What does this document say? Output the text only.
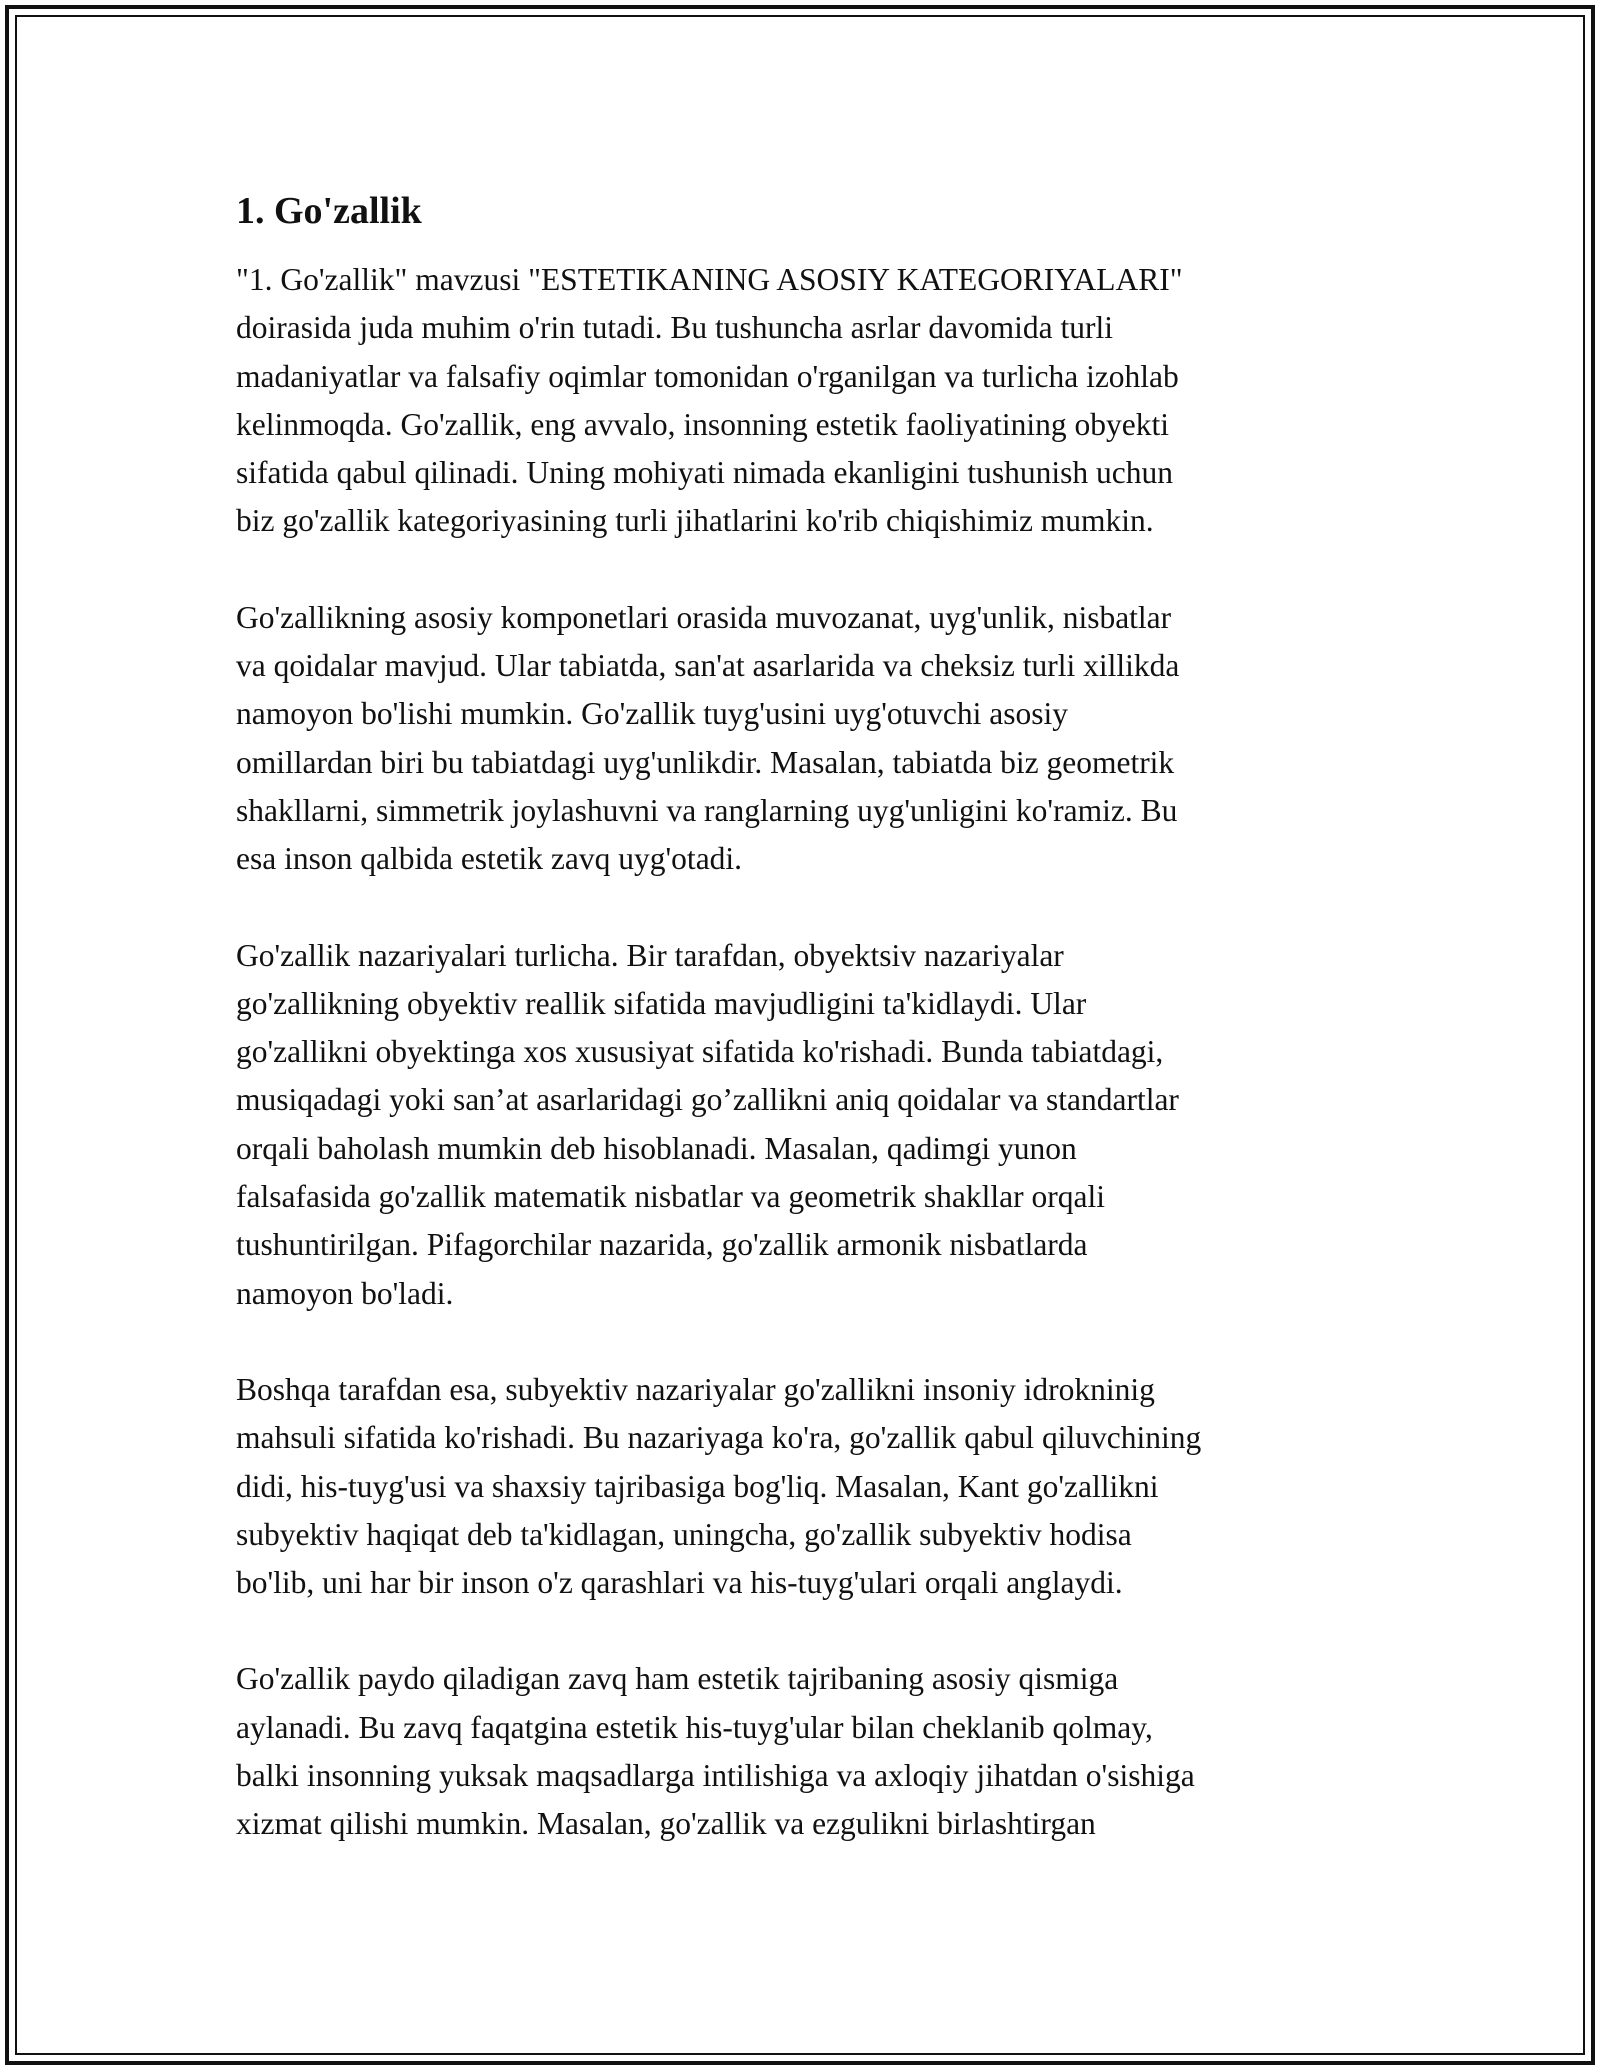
1. Go'zallik

"1. Go'zallik" mavzusi "ESTETIKANING ASOSIY KATEGORIYALARI"
doirasida juda muhim o'rin tutadi. Bu tushuncha asrlar davomida turli
madaniyatlar va falsafiy oqimlar tomonidan o'rganilgan va turlicha izohlab
kelinmoqda. Go'zallik, eng avvalo, insonning estetik faoliyatining obyekti
sifatida qabul qilinadi. Uning mohiyati nimada ekanligini tushunish uchun
biz go'zallik kategoriyasining turli jihatlarini ko'rib chiqishimiz mumkin.

Go'zallikning asosiy komponetlari orasida muvozanat, uyg'unlik, nisbatlar
va qoidalar mavjud. Ular tabiatda, san'at asarlarida va cheksiz turli xillikda
namoyon bo'lishi mumkin. Go'zallik tuyg'usini uyg'otuvchi asosiy
omillardan biri bu tabiatdagi uyg'unlikdir. Masalan, tabiatda biz geometrik
shakllarni, simmetrik joylashuvni va ranglarning uyg'unligini ko'ramiz. Bu
esa inson qalbida estetik zavq uyg'otadi.

Go'zallik nazariyalari turlicha. Bir tarafdan, obyektsiv nazariyalar
go'zallikning obyektiv reallik sifatida mavjudligini ta'kidlaydi. Ular
go'zallikni obyektinga xos xususiyat sifatida ko'rishadi. Bunda tabiatdagi,
musiqadagi yoki san’at asarlaridagi go’zallikni aniq qoidalar va standartlar
orqali baholash mumkin deb hisoblanadi. Masalan, qadimgi yunon
falsafasida go'zallik matematik nisbatlar va geometrik shakllar orqali
tushuntirilgan. Pifagorchilar nazarida, go'zallik armonik nisbatlarda
namoyon bo'ladi.

Boshqa tarafdan esa, subyektiv nazariyalar go'zallikni insoniy idrokninig
mahsuli sifatida ko'rishadi. Bu nazariyaga ko'ra, go'zallik qabul qiluvchining
didi, his-tuyg'usi va shaxsiy tajribasiga bog'liq. Masalan, Kant go'zallikni
subyektiv haqiqat deb ta'kidlagan, uningcha, go'zallik subyektiv hodisa
bo'lib, uni har bir inson o'z qarashlari va his-tuyg'ulari orqali anglaydi.

Go'zallik paydo qiladigan zavq ham estetik tajribaning asosiy qismiga
aylanadi. Bu zavq faqatgina estetik his-tuyg'ular bilan cheklanib qolmay,
balki insonning yuksak maqsadlarga intilishiga va axloqiy jihatdan o'sishiga
xizmat qilishi mumkin. Masalan, go'zallik va ezgulikni birlashtirgan
